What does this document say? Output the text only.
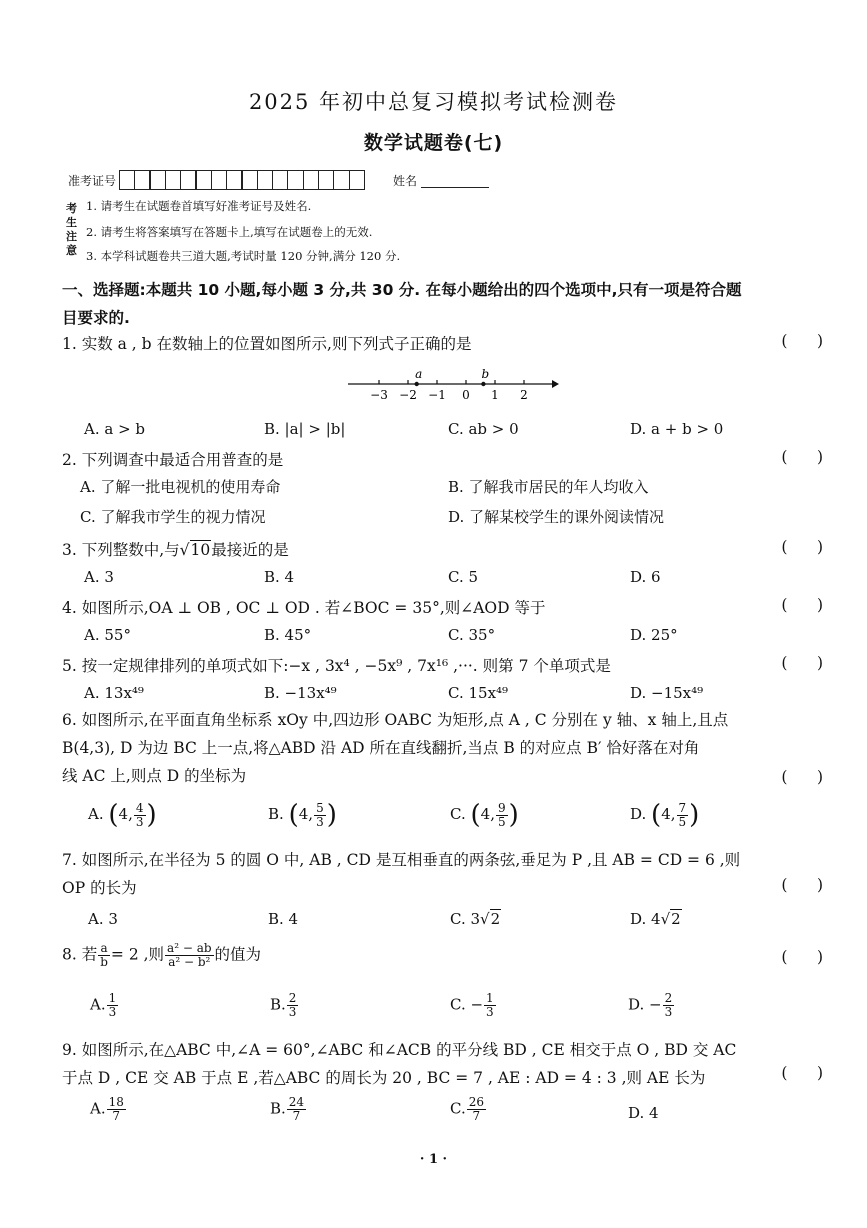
2025 年初中总复习模拟考试检测卷
数学试题卷(七)
准考证号	姓名
考生注意
1. 请考生在试题卷首填写好准考证号及姓名.
2. 请考生将答案填写在答题卡上,填写在试题卷上的无效.
3. 本学科试题卷共三道大题,考试时量 120 分钟,满分 120 分.
一、选择题:本题共 10 小题,每小题 3 分,共 30 分. 在每小题给出的四个选项中,只有一项是符合题
目要求的.
1. 实数 a , b 在数轴上的位置如图所示,则下列式子正确的是	(      )
−3 −2 −1 0 1 2
a	b
A. a > b	B. |a| > |b|	C. ab > 0	D. a + b > 0
2. 下列调查中最适合用普查的是	(      )
A. 了解一批电视机的使用寿命	B. 了解我市居民的年人均收入
C. 了解我市学生的视力情况	D. 了解某校学生的课外阅读情况
3. 下列整数中,与√10最接近的是	(      )
A. 3	B. 4	C. 5	D. 6
4. 如图所示,OA ⊥ OB , OC ⊥ OD . 若∠BOC = 35°,则∠AOD 等于	(      )
A. 55°	B. 45°	C. 35°	D. 25°
5. 按一定规律排列的单项式如下:−x , 3x⁴ , −5x⁹ , 7x¹⁶ ,···. 则第 7 个单项式是	(      )
A. 13x⁴⁹	B. −13x⁴⁹	C. 15x⁴⁹	D. −15x⁴⁹
6. 如图所示,在平面直角坐标系 xOy 中,四边形 OABC 为矩形,点 A , C 分别在 y 轴、x 轴上,且点
B(4,3), D 为边 BC 上一点,将△ABD 沿 AD 所在直线翻折,当点 B 的对应点 B′ 恰好落在对角
线 AC 上,则点 D 的坐标为	(      )
A. (4, $\frac{4}{3}$ )	B. (4, $\frac{5}{3}$ )	C. (4, $\frac{9}{5}$ )	D. (4, $\frac{7}{5}$ )
7. 如图所示,在半径为 5 的圆 O 中, AB , CD 是互相垂直的两条弦,垂足为 P ,且 AB = CD = 6 ,则
OP 的长为	(      )
A. 3	B. 4	C. 3√2	D. 4√2
8. 若 $\frac{a}{b} = 2$ ,则 $\frac{\text{a² − ab}}{\text{a² − b²}}$ 的值为	(      )
A. $\frac{1}{3}$	B. $\frac{2}{3}$	C. − $\frac{1}{3}$	D. − $\frac{2}{3}$
9. 如图所示,在△ABC 中,∠A = 60°,∠ABC 和∠ACB 的平分线 BD , CE 相交于点 O , BD 交 AC
于点 D , CE 交 AB 于点 E ,若△ABC 的周长为 20 , BC = 7 , AE : AD = 4 : 3 ,则 AE 长为	(      )
A. $\frac{18}{7}$	B. $\frac{24}{7}$	C. $\frac{26}{7}$	D. 4
· 1 ·
